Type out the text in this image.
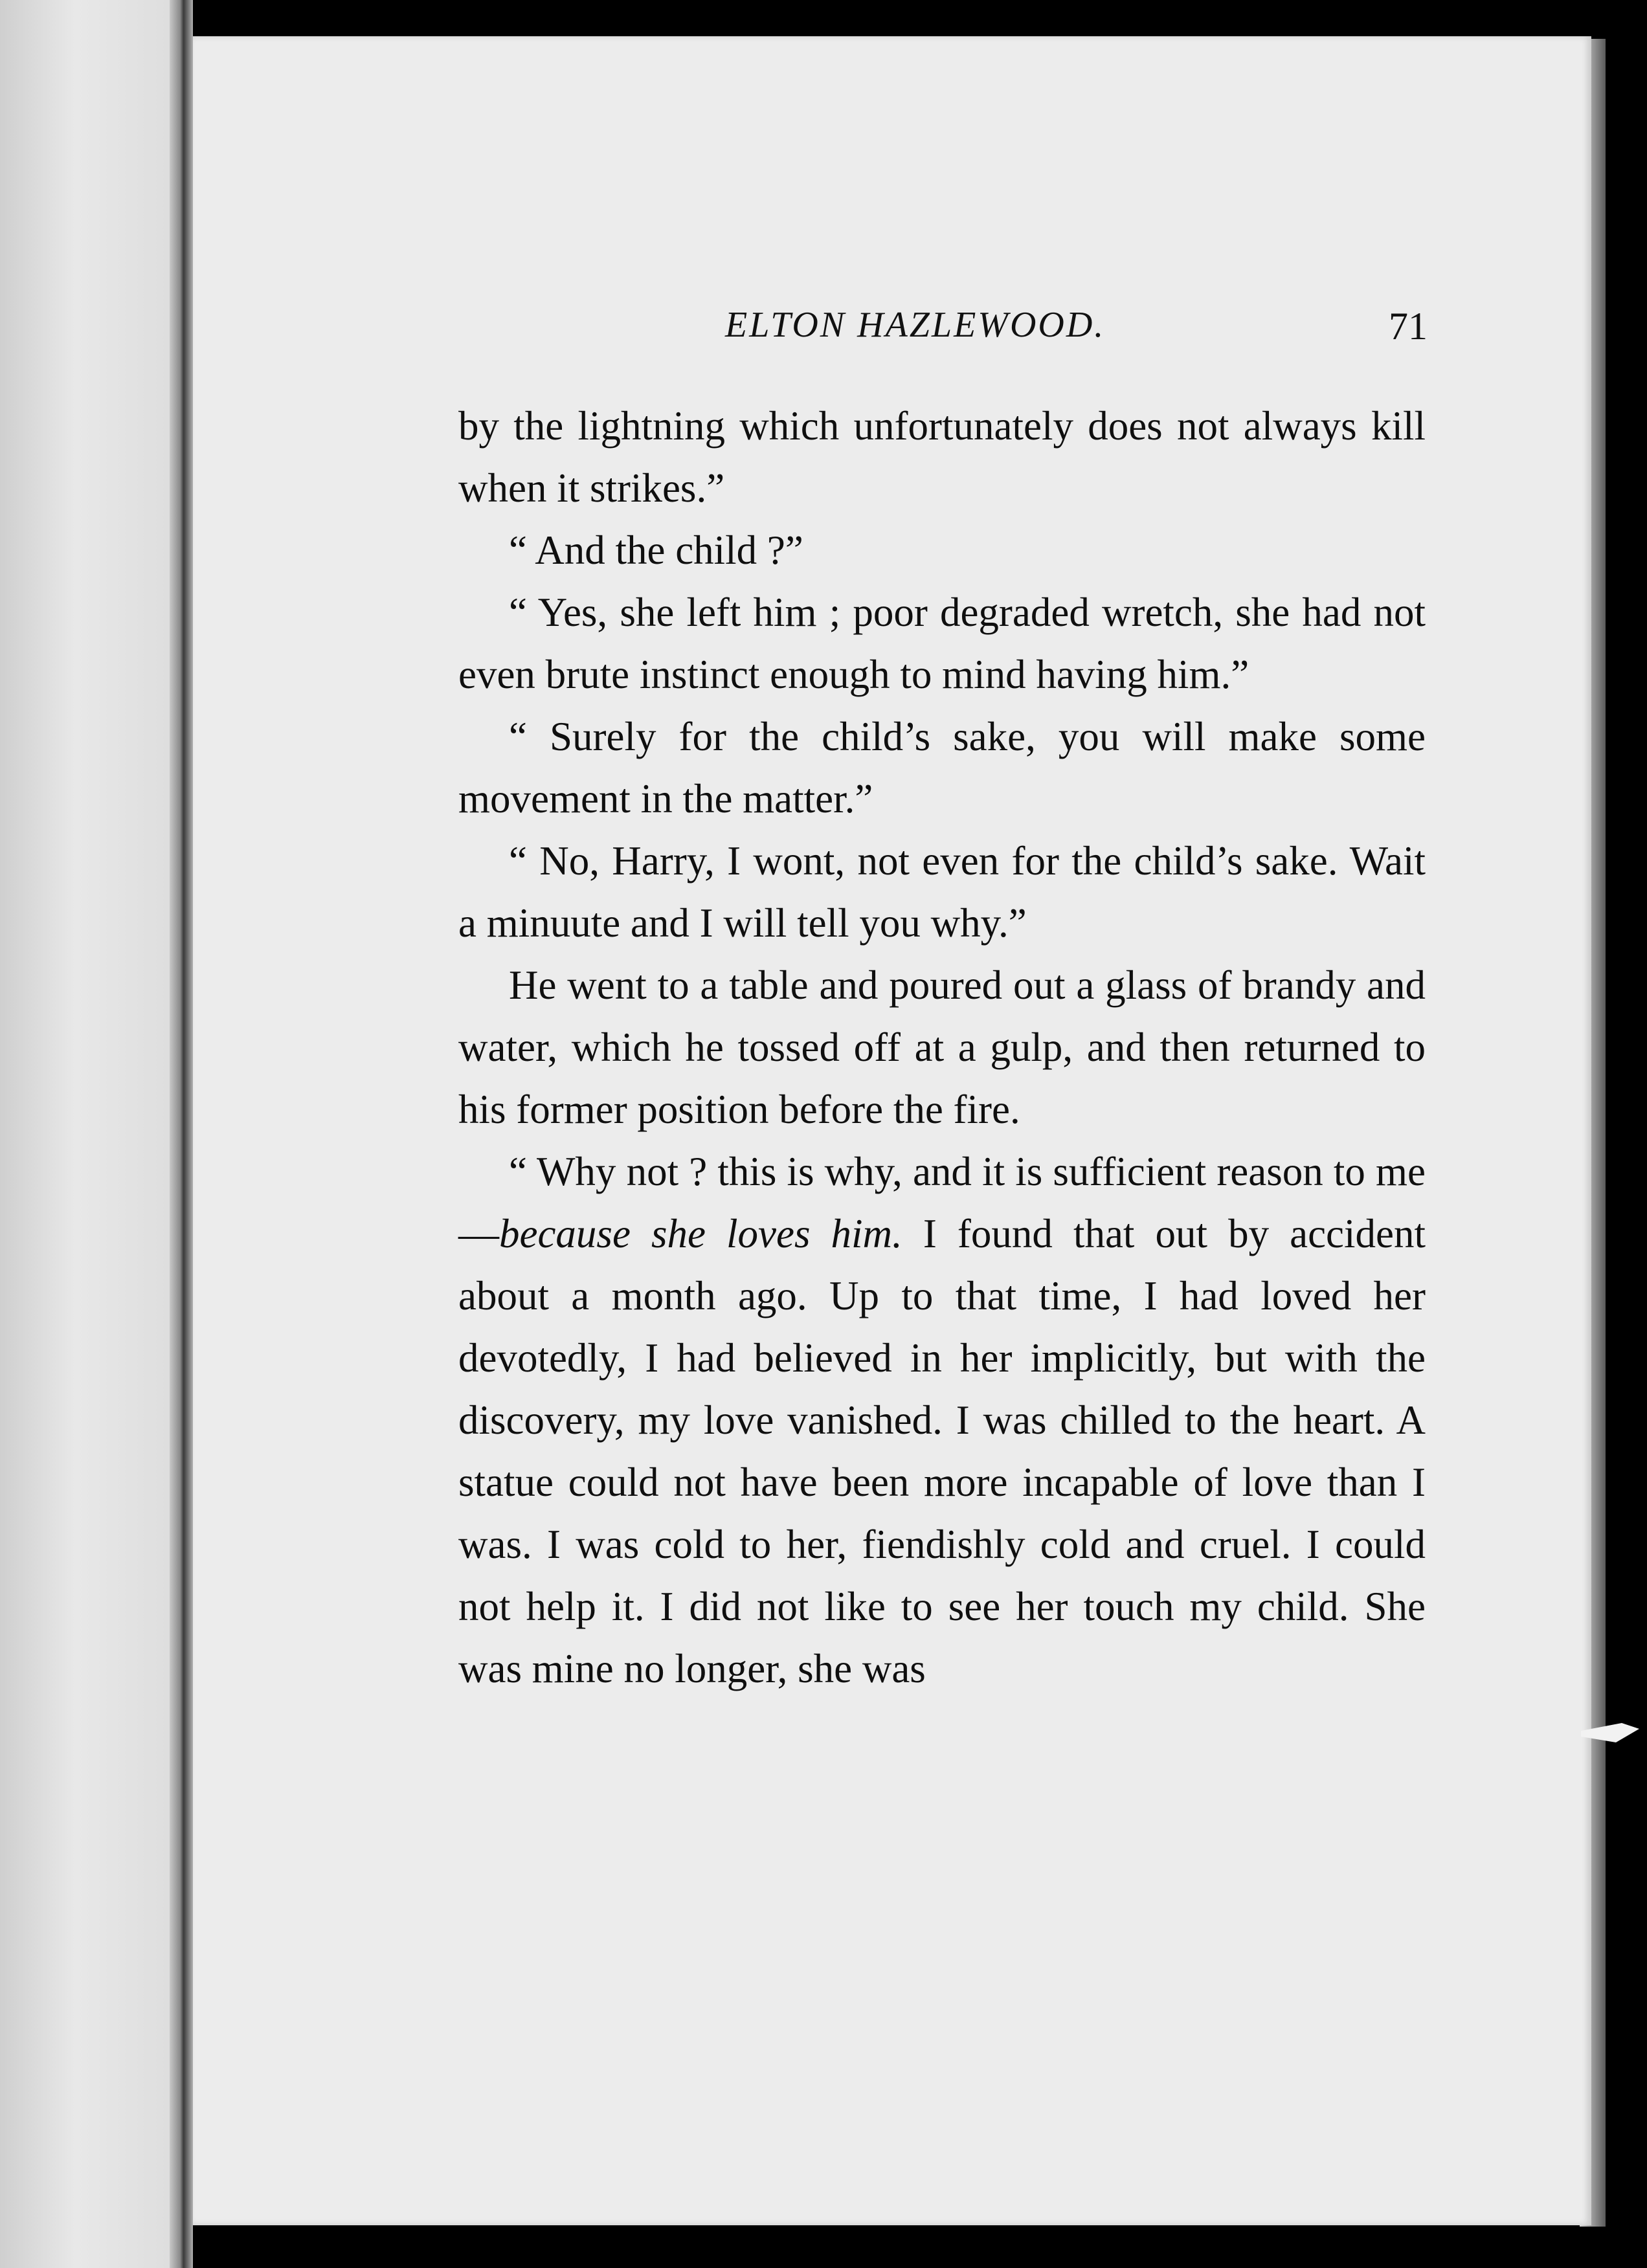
ELTON HAZLEWOOD.	71

by the lightning which unfortunately does not always kill when it strikes.”

“ And the child ?”

“ Yes, she left him ; poor degraded wretch, she had not even brute instinct enough to mind having him.”

“ Surely for the child’s sake, you will make some movement in the matter.”

“ No, Harry, I wont, not even for the child’s sake. Wait a minuute and I will tell you why.”

He went to a table and poured out a glass of brandy and water, which he tossed off at a gulp, and then returned to his former position before the fire.

“ Why not ? this is why, and it is sufficient reason to me—because she loves him. I found that out by accident about a month ago. Up to that time, I had loved her devotedly, I had believed in her implicitly, but with the discovery, my love vanished. I was chilled to the heart. A statue could not have been more incapable of love than I was. I was cold to her, fiendishly cold and cruel. I could not help it. I did not like to see her touch my child. She was mine no longer, she was
